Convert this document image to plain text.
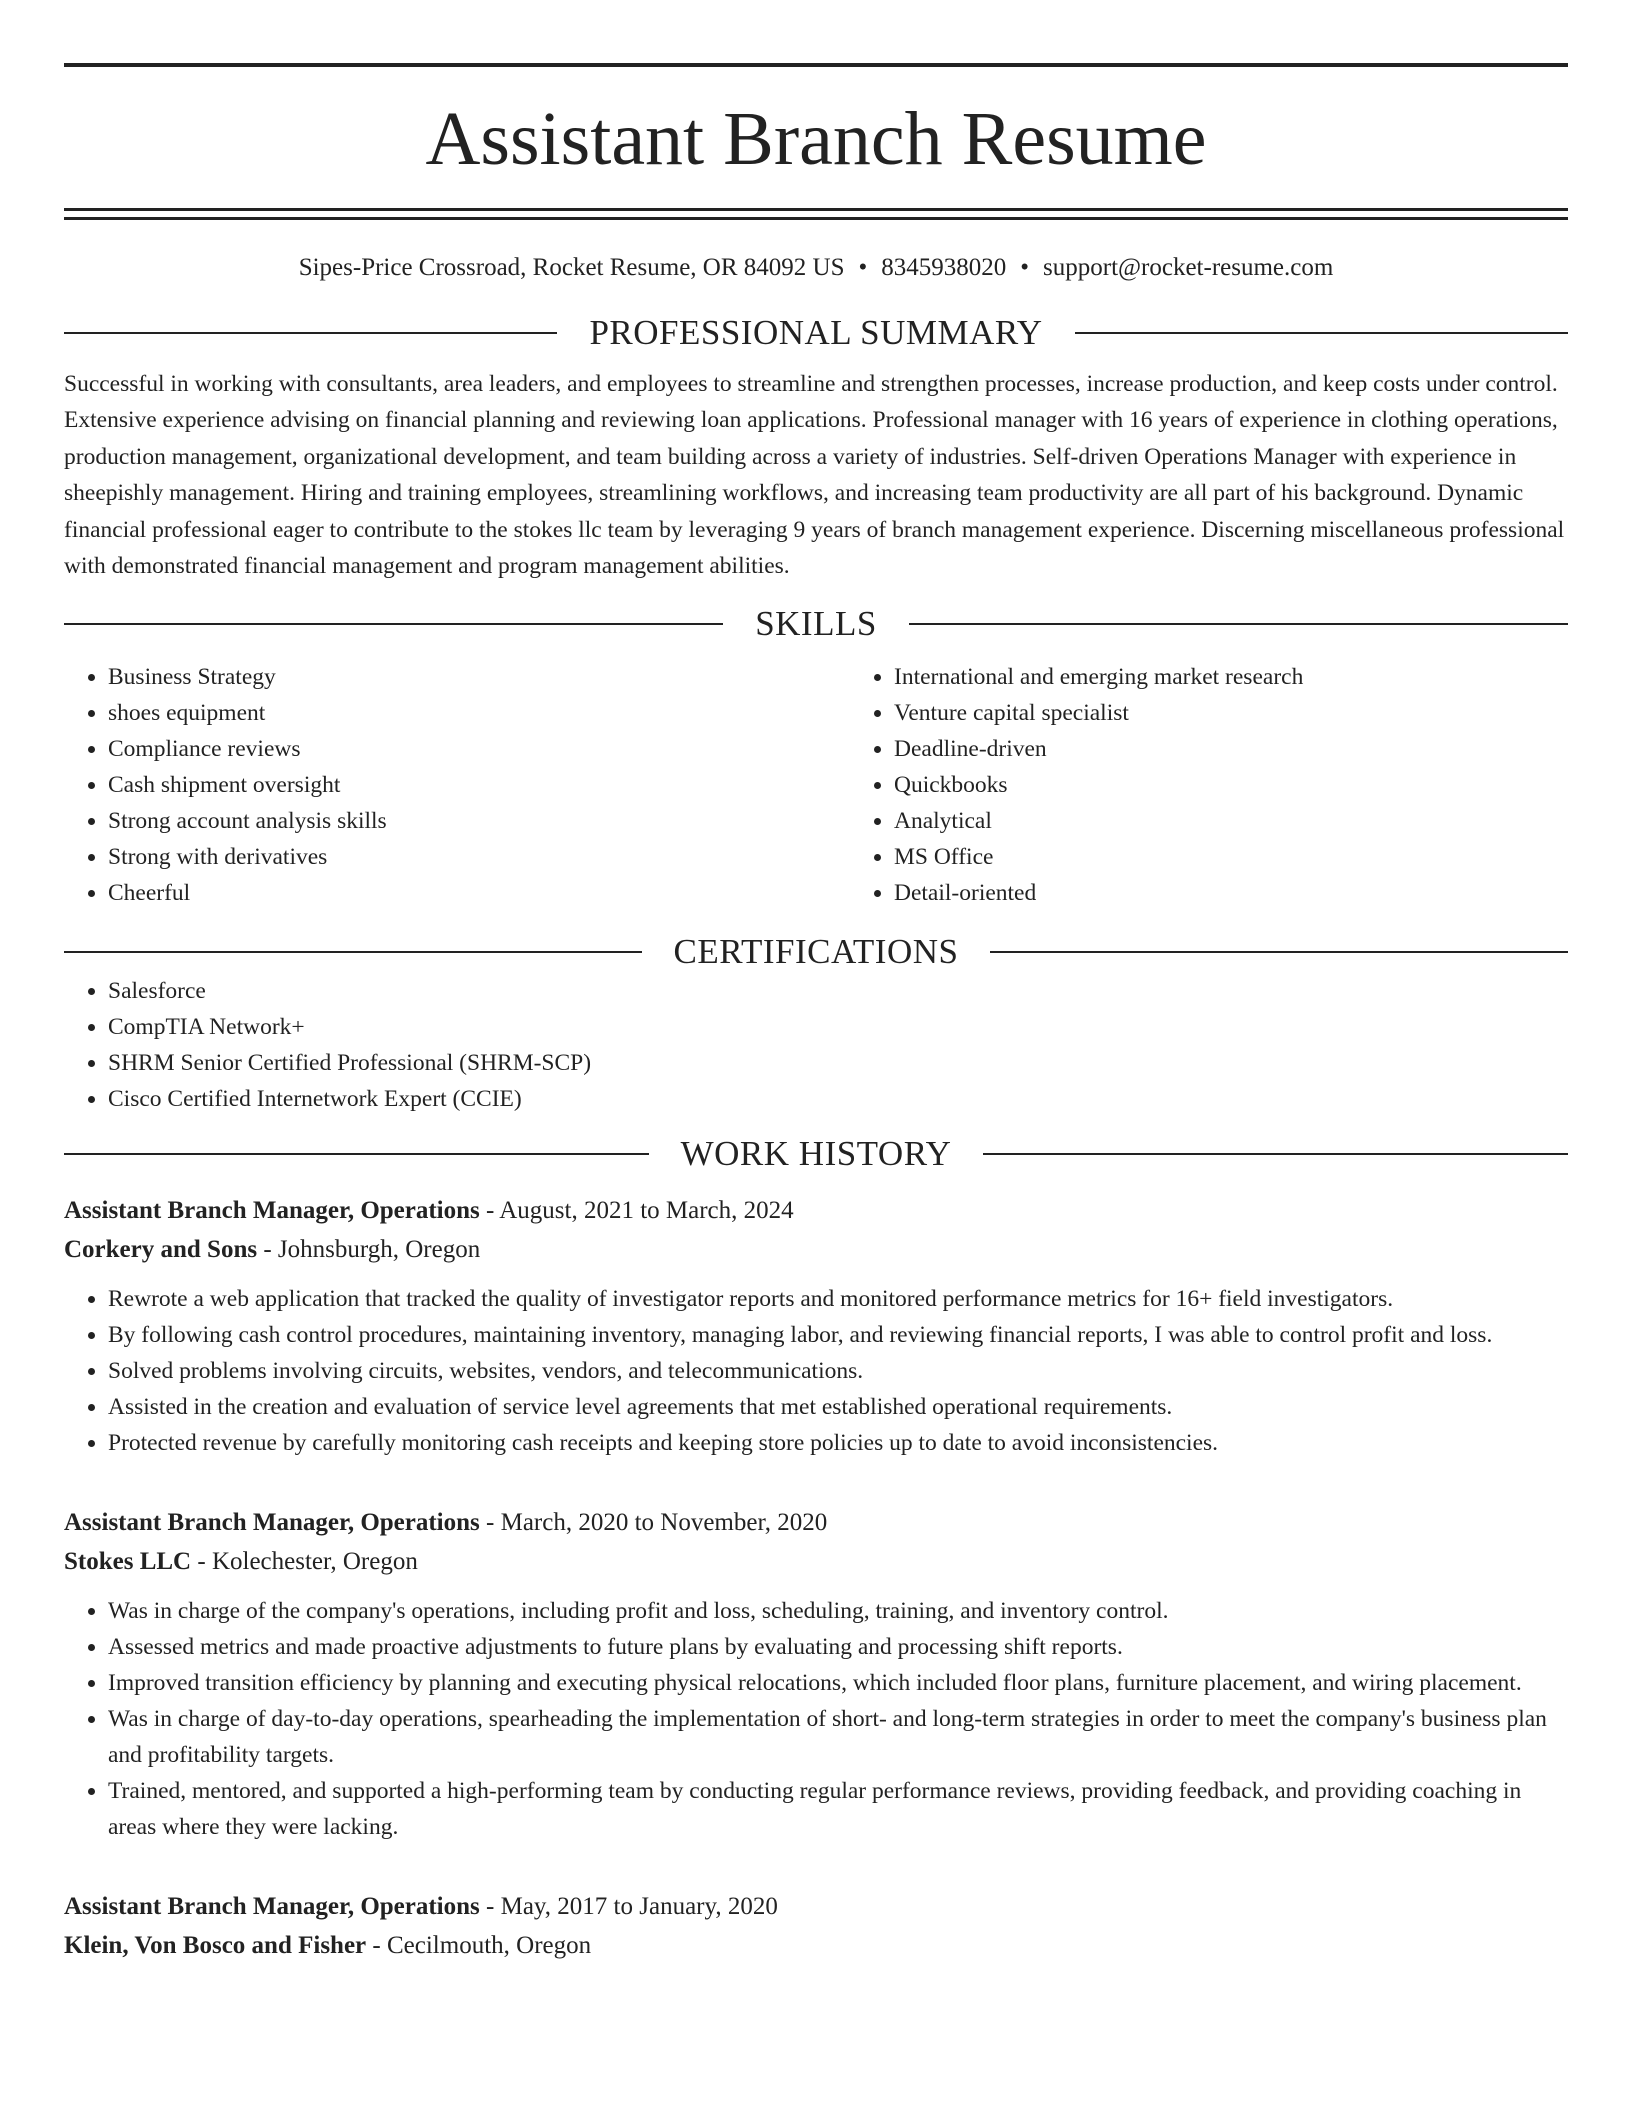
Assistant Branch Resume
Sipes-Price Crossroad, Rocket Resume, OR 84092 US • 8345938020 • support@rocket-resume.com
PROFESSIONAL SUMMARY
Successful in working with consultants, area leaders, and employees to streamline and strengthen processes, increase production, and keep costs under control. Extensive experience advising on financial planning and reviewing loan applications. Professional manager with 16 years of experience in clothing operations, production management, organizational development, and team building across a variety of industries. Self-driven Operations Manager with experience in sheepishly management. Hiring and training employees, streamlining workflows, and increasing team productivity are all part of his background. Dynamic financial professional eager to contribute to the stokes llc team by leveraging 9 years of branch management experience. Discerning miscellaneous professional with demonstrated financial management and program management abilities.
SKILLS
• Business Strategy
• shoes equipment
• Compliance reviews
• Cash shipment oversight
• Strong account analysis skills
• Strong with derivatives
• Cheerful
• International and emerging market research
• Venture capital specialist
• Deadline-driven
• Quickbooks
• Analytical
• MS Office
• Detail-oriented
CERTIFICATIONS
• Salesforce
• CompTIA Network+
• SHRM Senior Certified Professional (SHRM-SCP)
• Cisco Certified Internetwork Expert (CCIE)
WORK HISTORY
Assistant Branch Manager, Operations - August, 2021 to March, 2024
Corkery and Sons - Johnsburgh, Oregon
• Rewrote a web application that tracked the quality of investigator reports and monitored performance metrics for 16+ field investigators.
• By following cash control procedures, maintaining inventory, managing labor, and reviewing financial reports, I was able to control profit and loss.
• Solved problems involving circuits, websites, vendors, and telecommunications.
• Assisted in the creation and evaluation of service level agreements that met established operational requirements.
• Protected revenue by carefully monitoring cash receipts and keeping store policies up to date to avoid inconsistencies.
Assistant Branch Manager, Operations - March, 2020 to November, 2020
Stokes LLC - Kolechester, Oregon
• Was in charge of the company's operations, including profit and loss, scheduling, training, and inventory control.
• Assessed metrics and made proactive adjustments to future plans by evaluating and processing shift reports.
• Improved transition efficiency by planning and executing physical relocations, which included floor plans, furniture placement, and wiring placement.
• Was in charge of day-to-day operations, spearheading the implementation of short- and long-term strategies in order to meet the company's business plan and profitability targets.
• Trained, mentored, and supported a high-performing team by conducting regular performance reviews, providing feedback, and providing coaching in areas where they were lacking.
Assistant Branch Manager, Operations - May, 2017 to January, 2020
Klein, Von Bosco and Fisher - Cecilmouth, Oregon
